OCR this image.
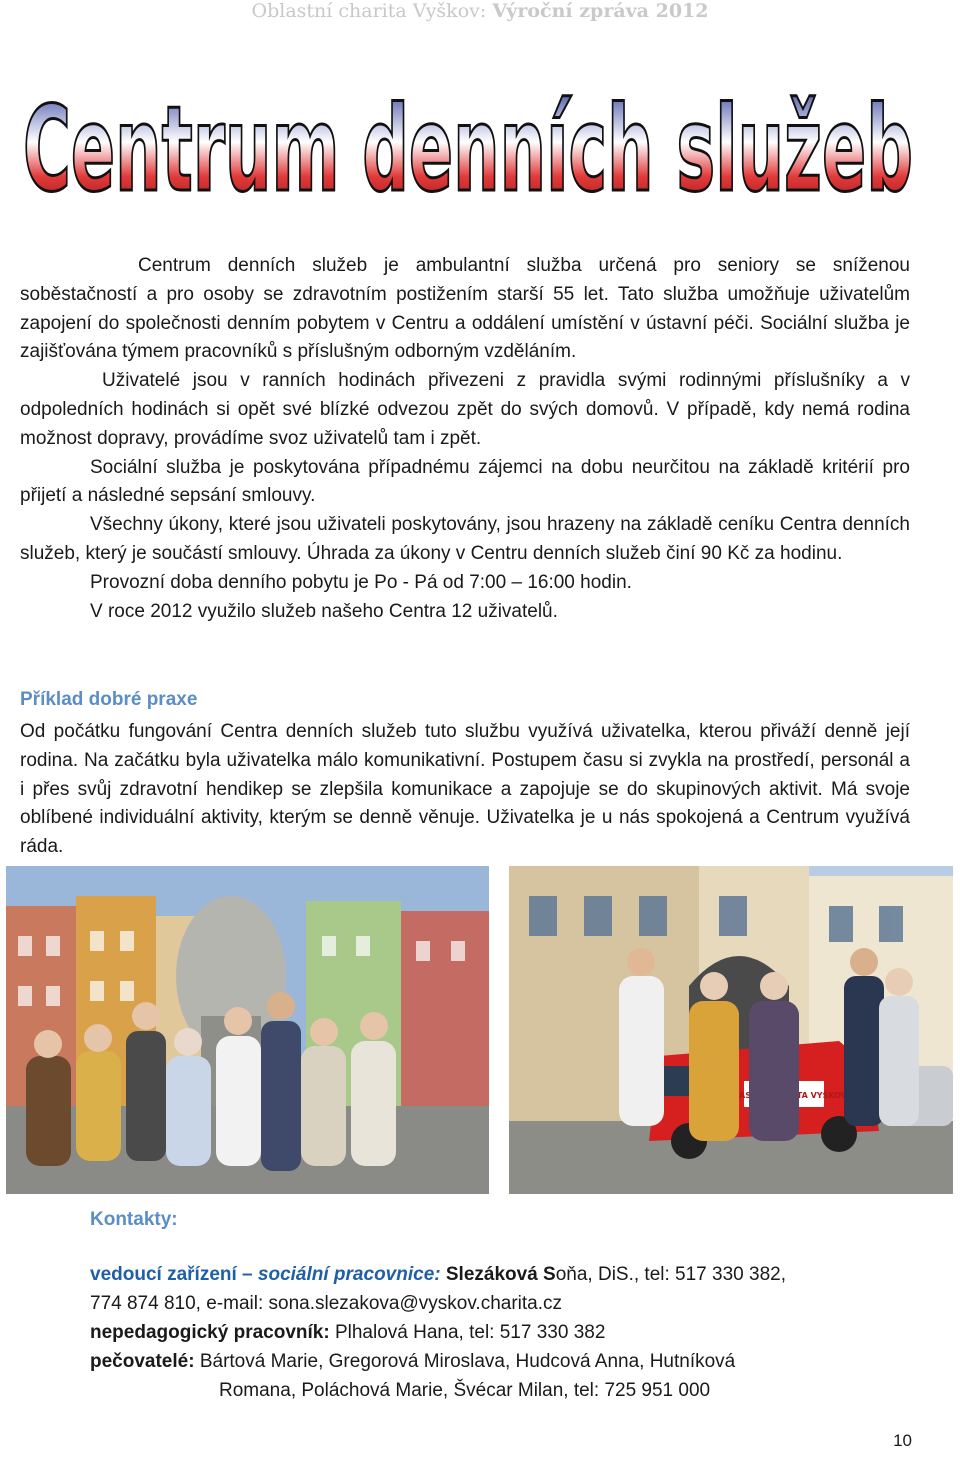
Oblastní charita Vyškov: Výroční zpráva 2012
Centrum denních služeb

Centrum denních služeb je ambulantní služba určená pro seniory se sníženou soběstačností a pro osoby se zdravotním postižením starší 55 let. Tato služba umožňuje uživatelům zapojení do společnosti denním pobytem v Centru a oddálení umístění v ústavní péči. Sociální služba je zajišťována týmem pracovníků s příslušným odborným vzděláním.

Uživatelé jsou v ranních hodinách přivezeni z pravidla svými rodinnými příslušníky a v odpoledních hodinách si opět své blízké odvezou zpět do svých domovů. V případě, kdy nemá rodina možnost dopravy, provádíme svoz uživatelů tam i zpět.

Sociální služba je poskytována případnému zájemci na dobu neurčitou na základě kritérií pro přijetí a následné sepsání smlouvy.

Všechny úkony, které jsou uživateli poskytovány, jsou hrazeny na základě ceníku Centra denních služeb, který je součástí smlouvy. Úhrada za úkony v Centru denních služeb činí 90 Kč za hodinu.

Provozní doba denního pobytu je Po - Pá od 7:00 – 16:00 hodin.

V roce 2012 využilo služeb našeho Centra 12 uživatelů.

Příklad dobré praxe

Od počátku fungování Centra denních služeb tuto službu využívá uživatelka, kterou přiváží denně její rodina. Na začátku byla uživatelka málo komunikativní. Postupem času si zvykla na prostředí, personál a i přes svůj zdravotní hendikep se zlepšila komunikace a zapojuje se do skupinových aktivit. Má svoje oblíbené individuální aktivity, kterým se denně věnuje. Uživatelka je u nás spokojená a Centrum využívá ráda.

OBLASTNÍ VYŠKOV
Kontakty:
vedoucí zařízení – sociální pracovnice: Slezáková Soňa, DiS., tel: 517 330 382,
774 874 810, e-mail: sona.slezakova@vyskov.charita.cz
nepedagogický pracovník: Plhalová Hana, tel: 517 330 382
pečovatelé: Bártová Marie, Gregorová Miroslava, Hudcová Anna, Hutníková
Romana, Poláchová Marie, Švécar Milan, tel: 725 951 000
10
